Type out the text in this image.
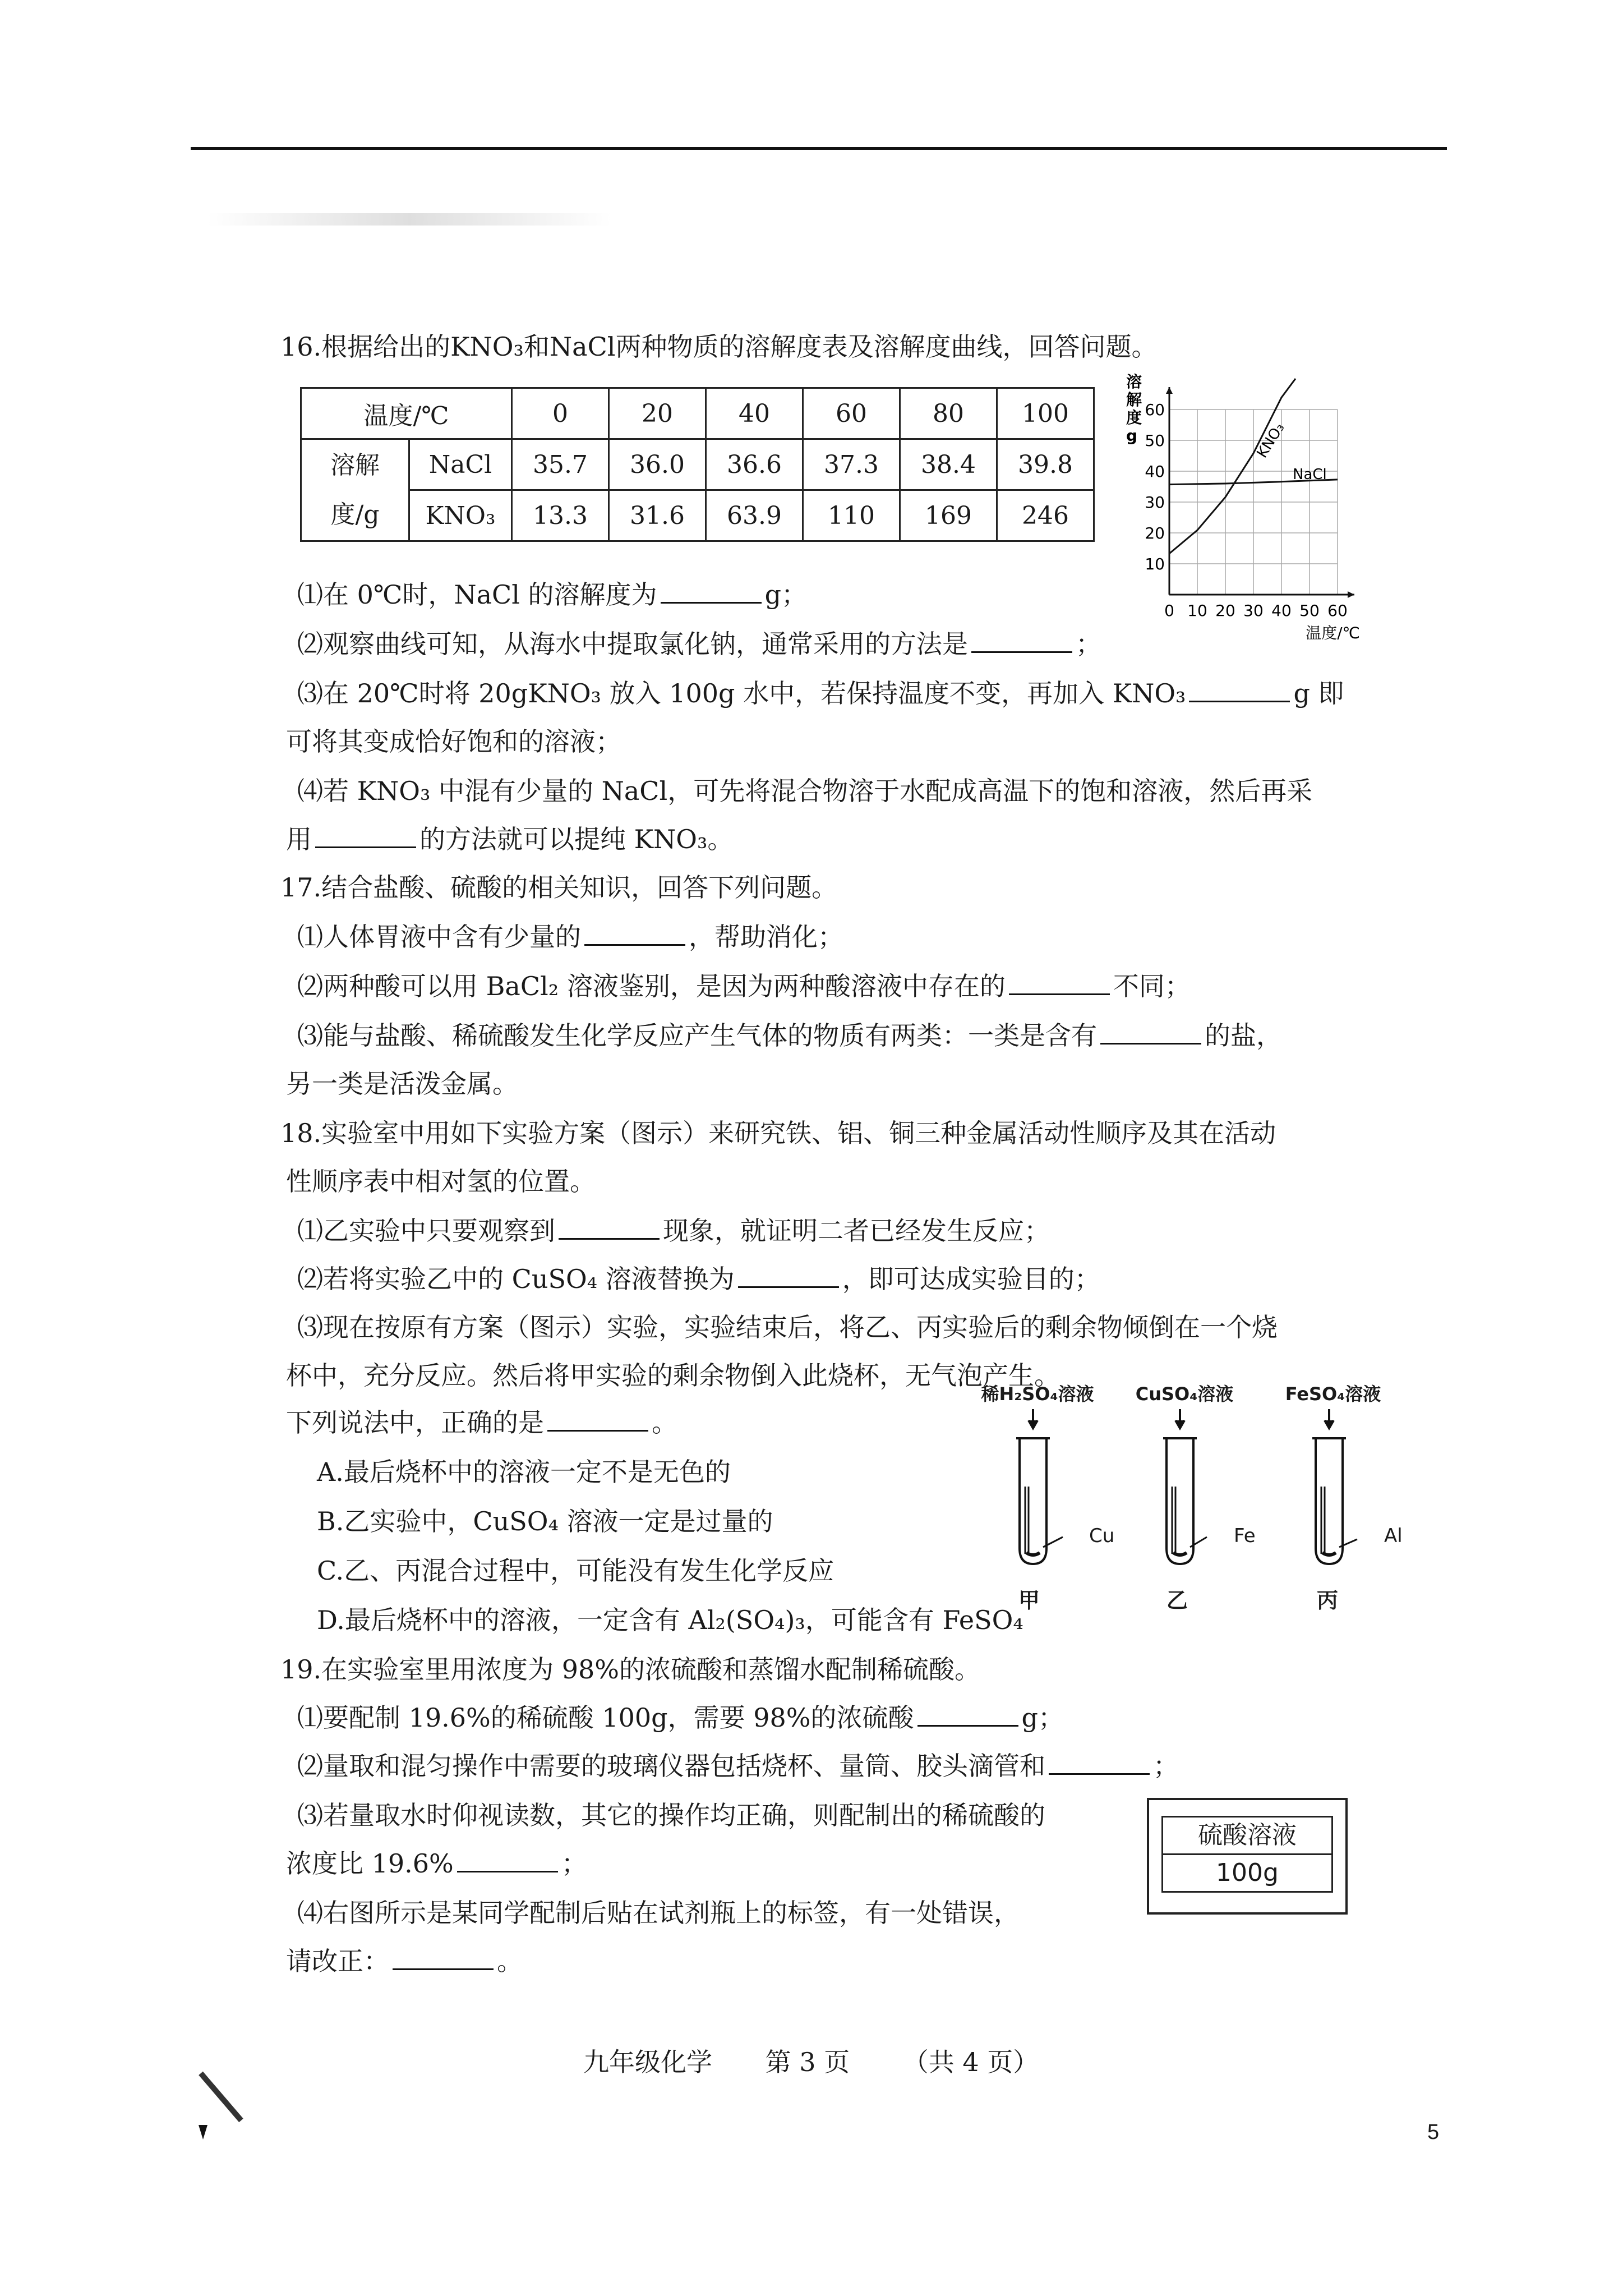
16.根据给出的KNO₃和NaCl两种物质的溶解度表及溶解度曲线，回答问题。
温度/℃		0	20	40	60	80	100

溶解
度/g	NaCl	35.7	36.0	36.6	37.3	38.4	39.8
	KNO₃	13.3	31.6	63.9	110	169	246
0 10 20 30 40 50 60
10
20
30
40
50
60
溶解度 g
温度/℃
KNO₃
NaCl
⑴在 0℃时，NaCl 的溶解度为	g；
⑵观察曲线可知，从海水中提取氯化钠，通常采用的方法是	；
⑶在 20℃时将 20gKNO₃ 放入 100g 水中，若保持温度不变，再加入 KNO₃	g 即
可将其变成恰好饱和的溶液；
⑷若 KNO₃ 中混有少量的 NaCl，可先将混合物溶于水配成高温下的饱和溶液，然后再采
用	的方法就可以提纯 KNO₃。
17.结合盐酸、硫酸的相关知识，回答下列问题。
⑴人体胃液中含有少量的	，帮助消化；
⑵两种酸可以用 BaCl₂ 溶液鉴别，是因为两种酸溶液中存在的	不同；
⑶能与盐酸、稀硫酸发生化学反应产生气体的物质有两类：一类是含有	的盐，
另一类是活泼金属。
18.实验室中用如下实验方案（图示）来研究铁、铝、铜三种金属活动性顺序及其在活动
性顺序表中相对氢的位置。
⑴乙实验中只要观察到	现象，就证明二者已经发生反应；
⑵若将实验乙中的 CuSO₄ 溶液替换为	，即可达成实验目的；
⑶现在按原有方案（图示）实验，实验结束后，将乙、丙实验后的剩余物倾倒在一个烧
杯中，充分反应。然后将甲实验的剩余物倒入此烧杯，无气泡产生。
下列说法中，正确的是	。
A.最后烧杯中的溶液一定不是无色的
B.乙实验中，CuSO₄ 溶液一定是过量的
C.乙、丙混合过程中，可能没有发生化学反应
D.最后烧杯中的溶液，一定含有 Al₂(SO₄)₃，可能含有 FeSO₄
稀H₂SO₄溶液	CuSO₄溶液	FeSO₄溶液
Cu	Fe	Al
甲	乙	丙
19.在实验室里用浓度为 98%的浓硫酸和蒸馏水配制稀硫酸。
⑴要配制 19.6%的稀硫酸 100g，需要 98%的浓硫酸	g；
⑵量取和混匀操作中需要的玻璃仪器包括烧杯、量筒、胶头滴管和	；
⑶若量取水时仰视读数，其它的操作均正确，则配制出的稀硫酸的
浓度比 19.6%	；
⑷右图所示是某同学配制后贴在试剂瓶上的标签，有一处错误，
请改正：	。
硫酸溶液
100g
九年级化学 第 3 页 （共 4 页）
5
